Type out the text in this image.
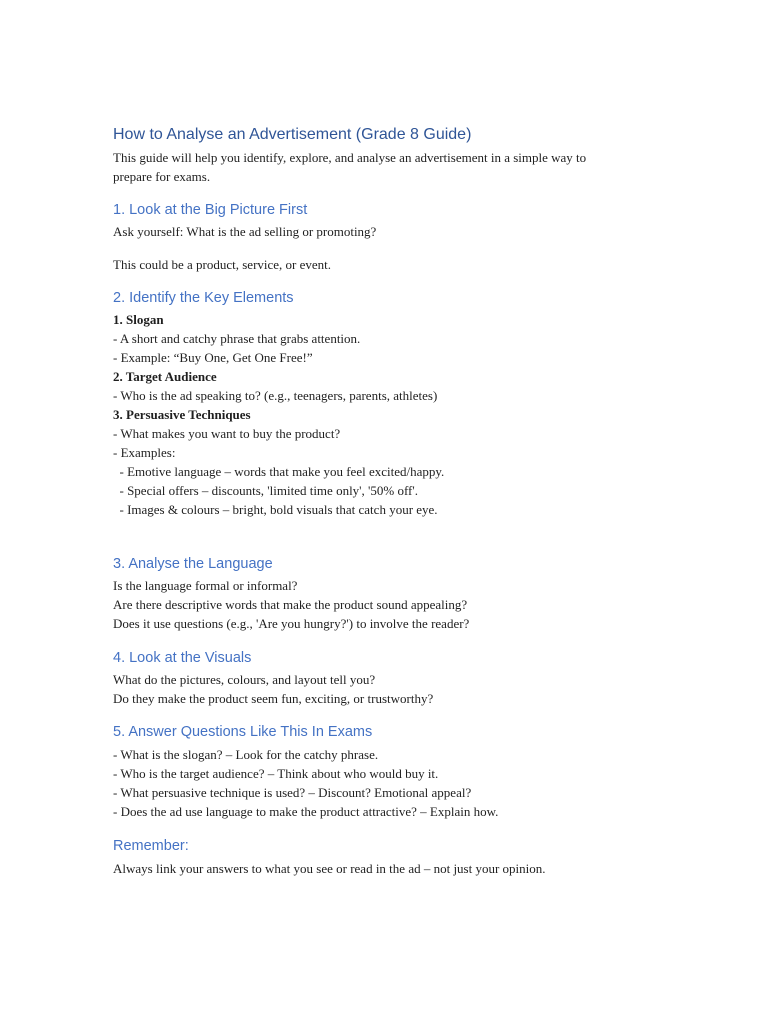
How to Analyse an Advertisement (Grade 8 Guide)

This guide will help you identify, explore, and analyse an advertisement in a simple way to

prepare for exams.

1. Look at the Big Picture First

Ask yourself: What is the ad selling or promoting?

This could be a product, service, or event.

2. Identify the Key Elements

1. Slogan

- A short and catchy phrase that grabs attention.

- Example: “Buy One, Get One Free!”

2. Target Audience

- Who is the ad speaking to? (e.g., teenagers, parents, athletes)

3. Persuasive Techniques

- What makes you want to buy the product?

- Examples:

- Emotive language – words that make you feel excited/happy.

- Special offers – discounts, 'limited time only', '50% off'.

- Images & colours – bright, bold visuals that catch your eye.

3. Analyse the Language

Is the language formal or informal?

Are there descriptive words that make the product sound appealing?

Does it use questions (e.g., 'Are you hungry?') to involve the reader?

4. Look at the Visuals

What do the pictures, colours, and layout tell you?

Do they make the product seem fun, exciting, or trustworthy?

5. Answer Questions Like This In Exams

- What is the slogan? – Look for the catchy phrase.

- Who is the target audience? – Think about who would buy it.

- What persuasive technique is used? – Discount? Emotional appeal?

- Does the ad use language to make the product attractive? – Explain how.

Remember:

Always link your answers to what you see or read in the ad – not just your opinion.
